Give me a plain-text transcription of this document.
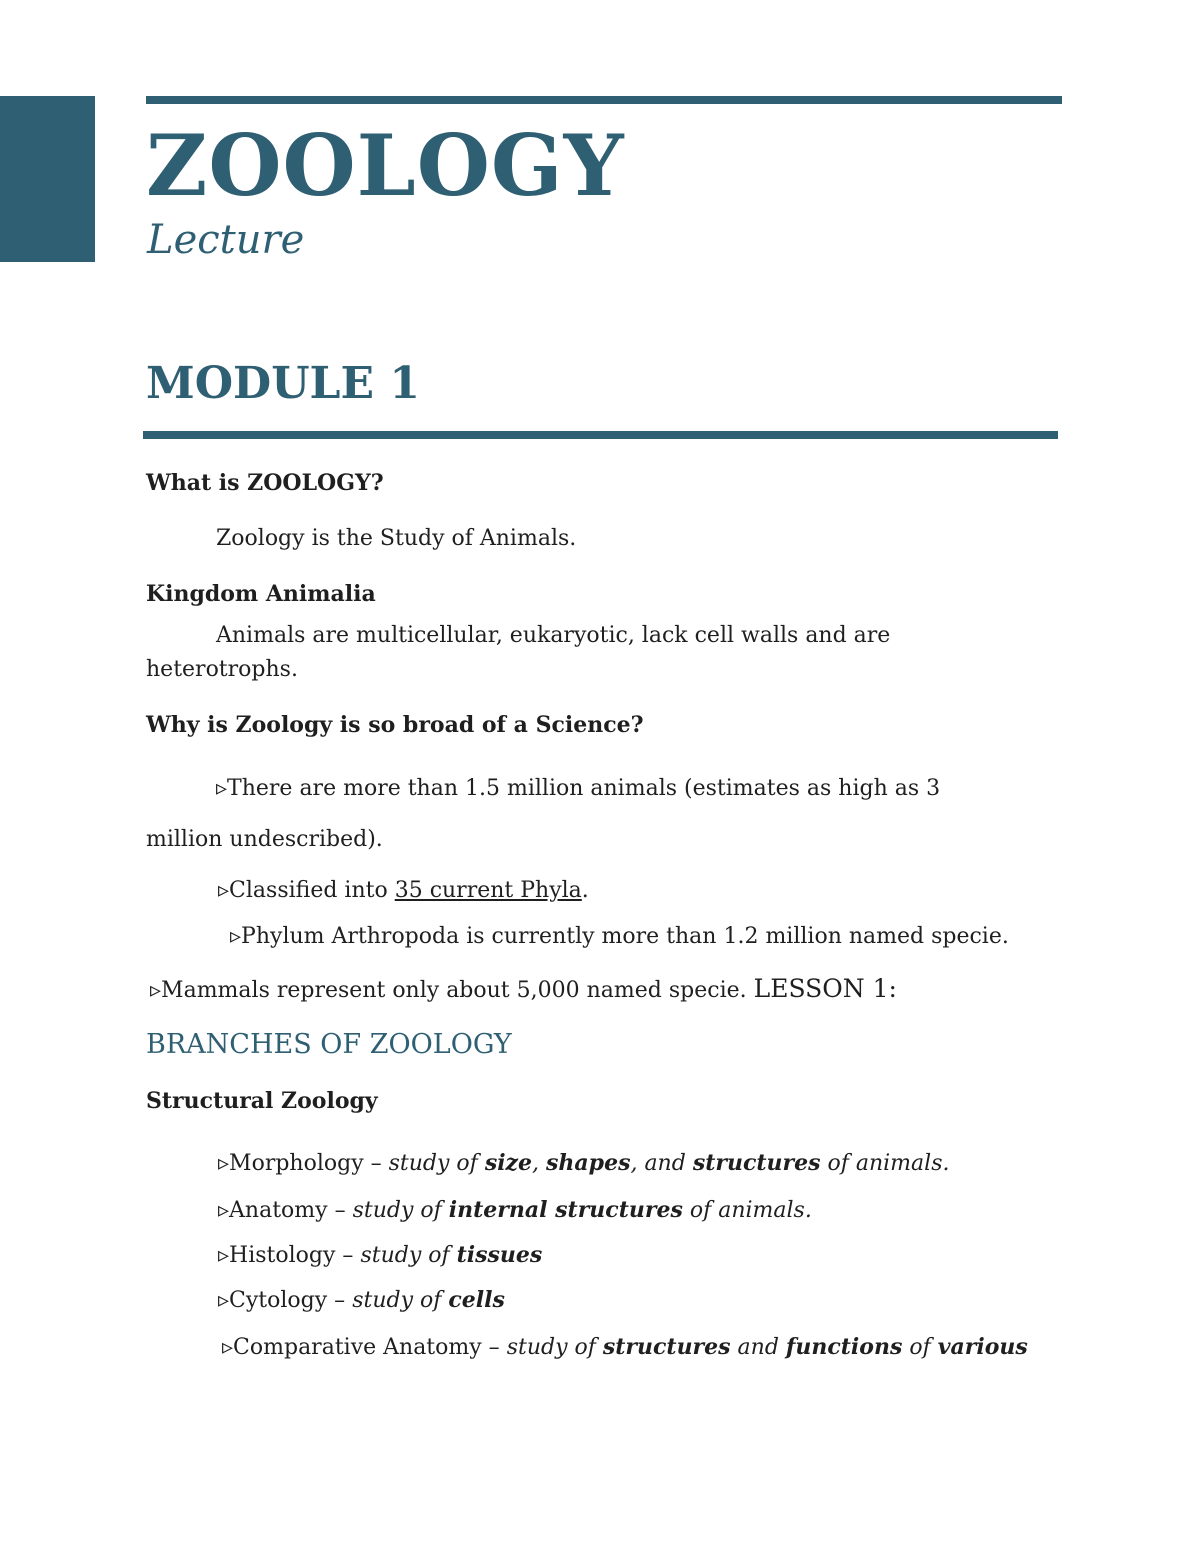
ZOOLOGY
Lecture
MODULE 1
What is ZOOLOGY?
Zoology is the Study of Animals.
Kingdom Animalia
Animals are multicellular, eukaryotic, lack cell walls and are
heterotrophs.
Why is Zoology is so broad of a Science?
▹There are more than 1.5 million animals (estimates as high as 3
million undescribed).
▹Classified into 35 current Phyla.
▹Phylum Arthropoda is currently more than 1.2 million named specie.
▹Mammals represent only about 5,000 named specie. LESSON 1:
BRANCHES OF ZOOLOGY
Structural Zoology
▹Morphology – study of size, shapes, and structures of animals.
▹Anatomy – study of internal structures of animals.
▹Histology – study of tissues
▹Cytology – study of cells
▹Comparative Anatomy – study of structures and functions of various
